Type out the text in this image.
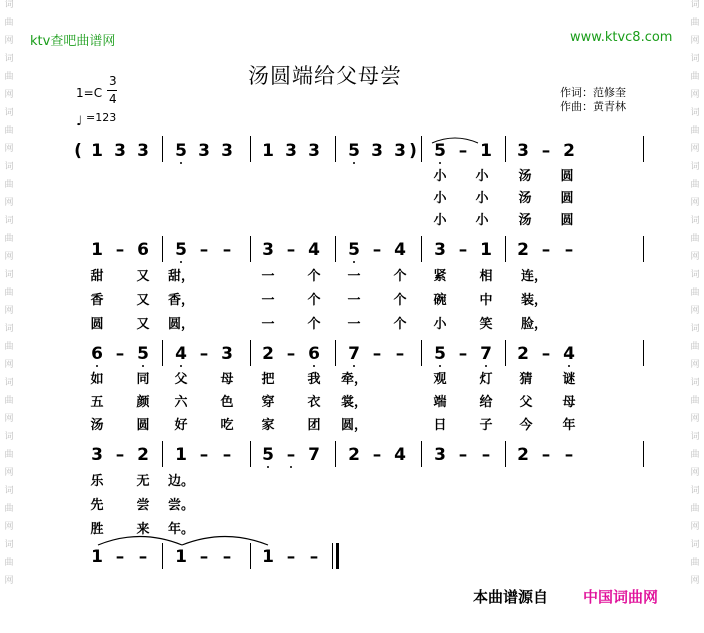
词
曲
网
词
曲
网
词
曲
网
词
曲
网
词
曲
网
词
曲
网
词
曲
网
词
曲
网
词
曲
网
词
曲
网
词
曲
网
词
曲
网
词
曲
网
词
曲
网
词
曲
网
词
曲
网
词
曲
网
词
曲
网
词
曲
网
词
曲
网
词
曲
网
词
曲
网
ktv查吧曲谱网	www.ktvc8.com
汤圆端给父母尝
1=C
3
4
♩ =123
作词：范修奎
作曲：黄青林
(	)
1 3 3 5 3 3 1 3 3 5 3 3 5 – 1 3 – 2
小 小 汤 圆
小 小 汤 圆
小 小 汤 圆
1 – 6 5 – – 3 – 4 5 – 4 3 – 1 2 – –
甜	又 甜，	一	个 一	个 紧	相 连，
香	又 香，	一	个 一	个 碗	中 装，
圆	又 圆，	一	个 一	个 小	笑 脸，
6 – 5 4 – 3 2 – 6 7 – – 5 – 7 2 – 4
如	同 父	母 把	我 牵，	观	灯 猜 谜
五	颜 六	色 穿	衣 裳，	端	给 父 母
汤	圆 好	吃 家	团 圆，	日	子 今 年
3 – 2 1 – – 5 – 7 2 – 4 3 – – 2 – –
乐	无 边。
先	尝 尝。
胜	来 年。
1 – – 1 – – 1 – –
本曲谱源自 中国词曲网
